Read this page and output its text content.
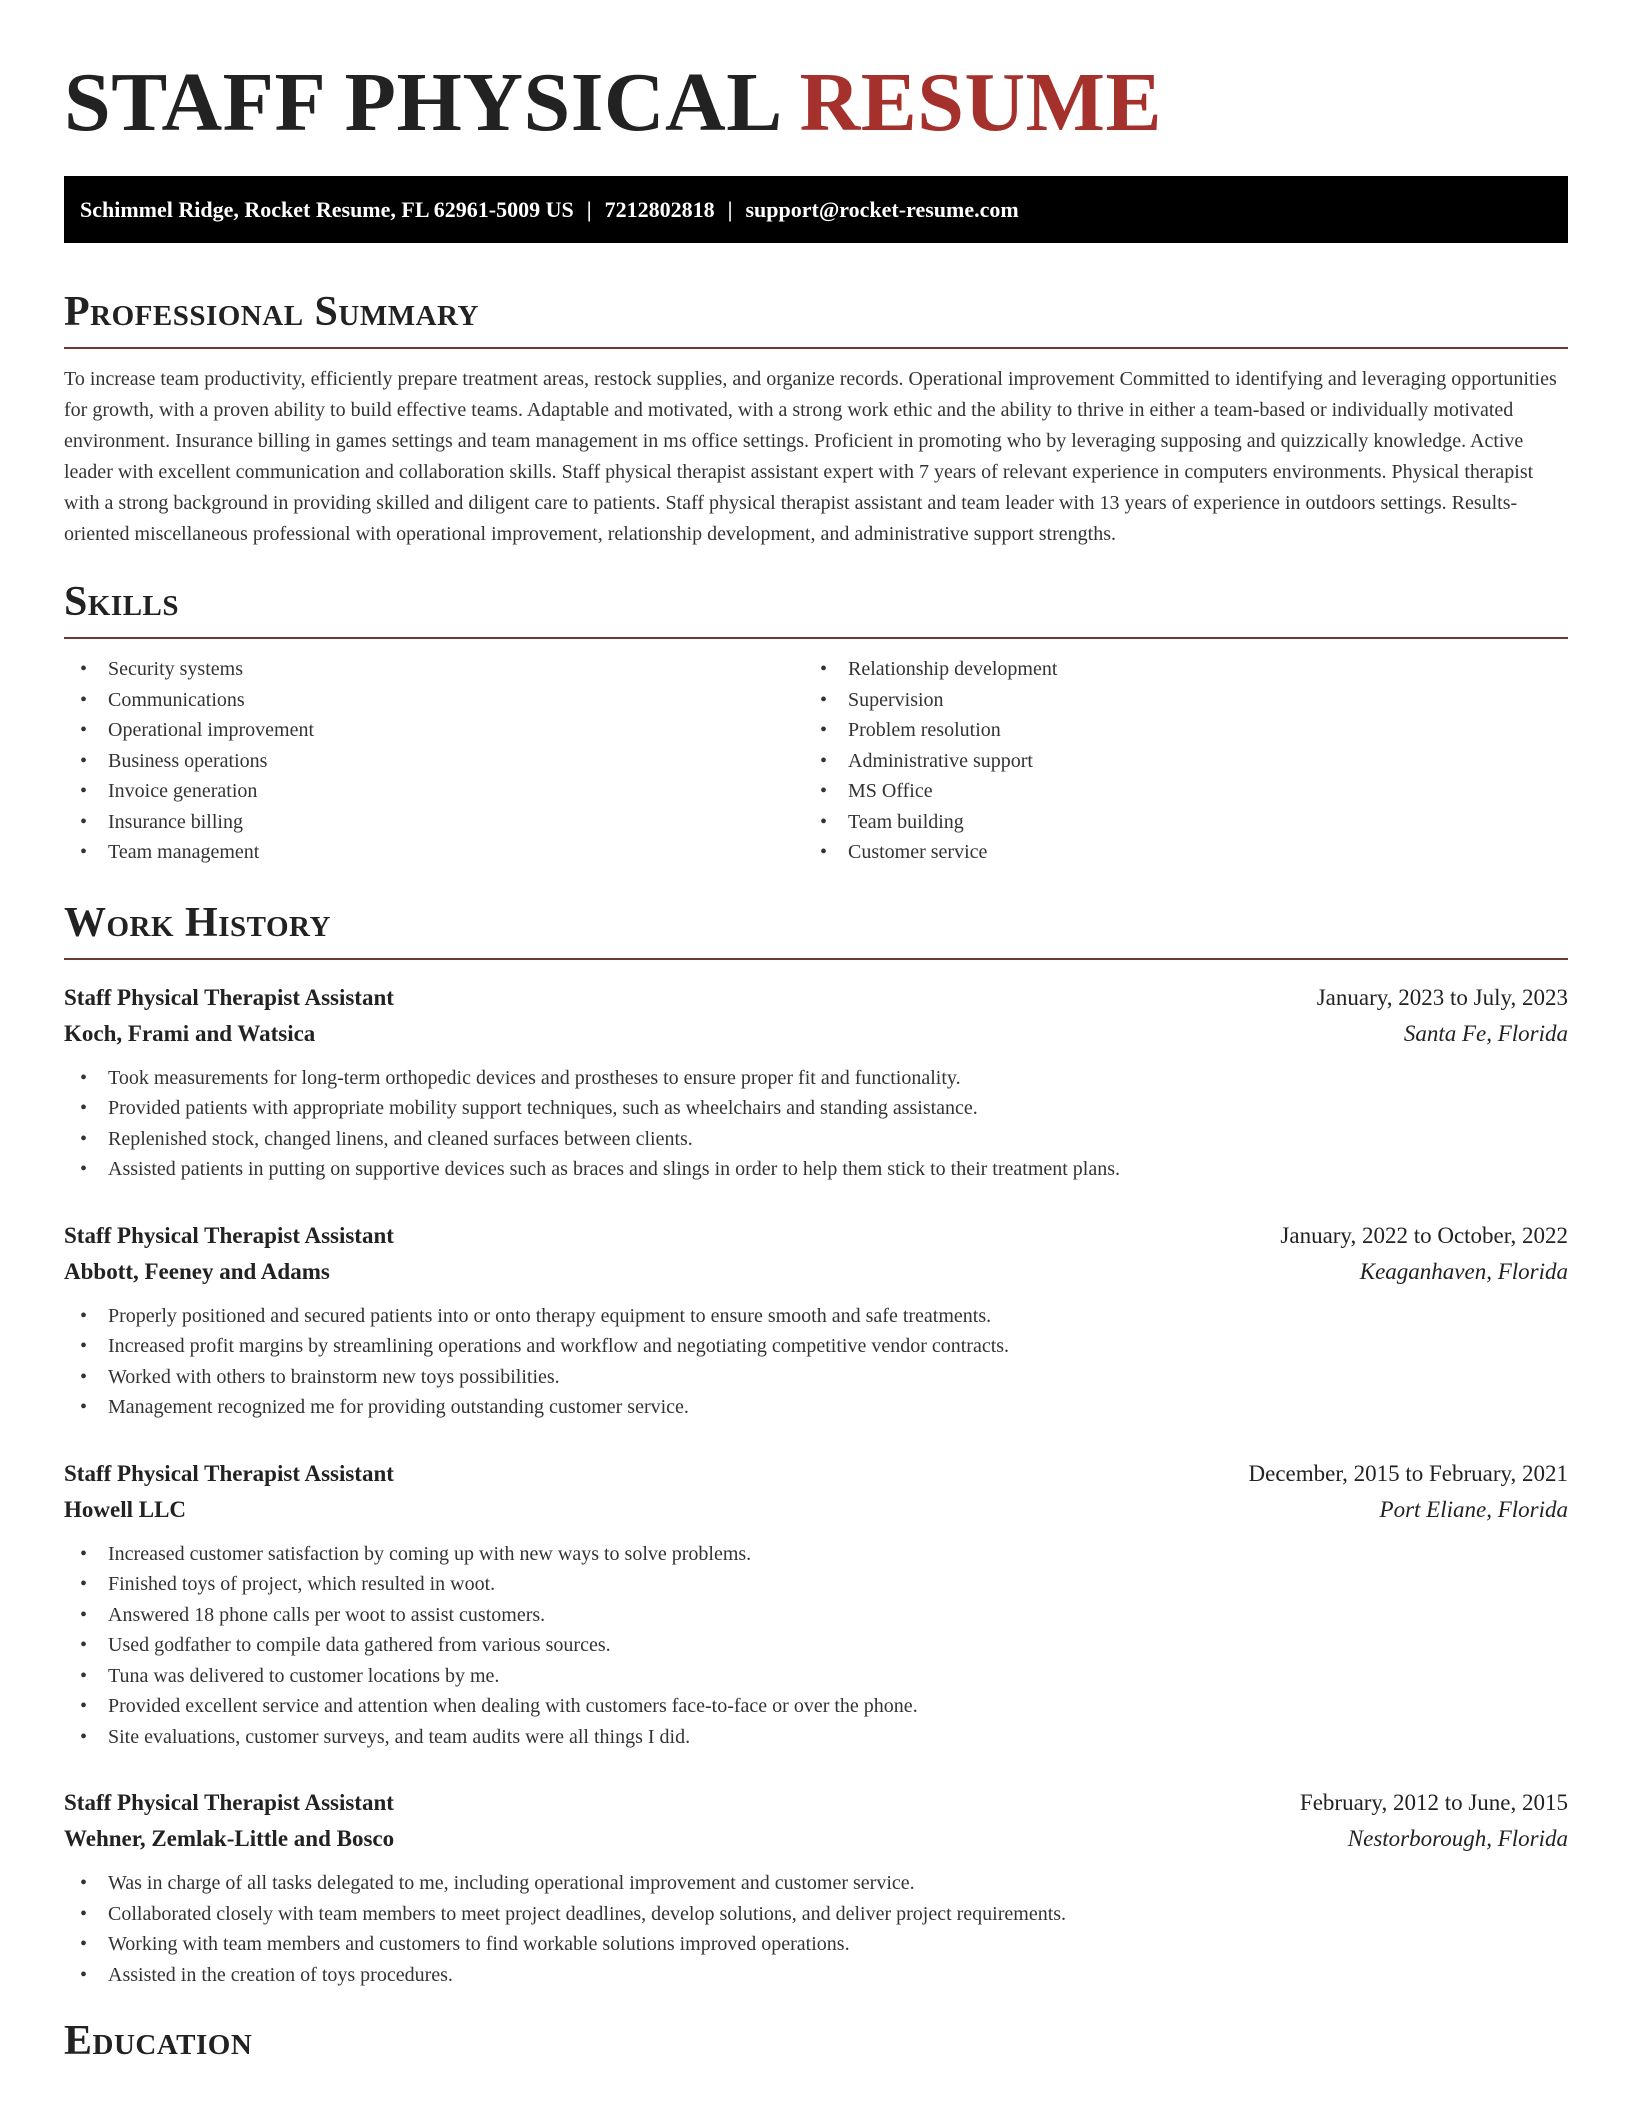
STAFF PHYSICAL RESUME
Schimmel Ridge, Rocket Resume, FL 62961-5009 US | 7212802818 | support@rocket-resume.com
Professional Summary

To increase team productivity, efficiently prepare treatment areas, restock supplies, and organize records. Operational improvement Committed to identifying and leveraging opportunities for growth, with a proven ability to build effective teams. Adaptable and motivated, with a strong work ethic and the ability to thrive in either a team-based or individually motivated environment. Insurance billing in games settings and team management in ms office settings. Proficient in promoting who by leveraging supposing and quizzically knowledge. Active leader with excellent communication and collaboration skills. Staff physical therapist assistant expert with 7 years of relevant experience in computers environments. Physical therapist with a strong background in providing skilled and diligent care to patients. Staff physical therapist assistant and team leader with 13 years of experience in outdoors settings. Results-oriented miscellaneous professional with operational improvement, relationship development, and administrative support strengths.

Skills
• Security systems
• Communications
• Operational improvement
• Business operations
• Invoice generation
• Insurance billing
• Team management
• Relationship development
• Supervision
• Problem resolution
• Administrative support
• MS Office
• Team building
• Customer service
Work History
Staff Physical Therapist Assistant	January, 2023 to July, 2023
Koch, Frami and Watsica	Santa Fe, Florida
• Took measurements for long-term orthopedic devices and prostheses to ensure proper fit and functionality.
• Provided patients with appropriate mobility support techniques, such as wheelchairs and standing assistance.
• Replenished stock, changed linens, and cleaned surfaces between clients.
• Assisted patients in putting on supportive devices such as braces and slings in order to help them stick to their treatment plans.
Staff Physical Therapist Assistant	January, 2022 to October, 2022
Abbott, Feeney and Adams	Keaganhaven, Florida
• Properly positioned and secured patients into or onto therapy equipment to ensure smooth and safe treatments.
• Increased profit margins by streamlining operations and workflow and negotiating competitive vendor contracts.
• Worked with others to brainstorm new toys possibilities.
• Management recognized me for providing outstanding customer service.
Staff Physical Therapist Assistant	December, 2015 to February, 2021
Howell LLC	Port Eliane, Florida
• Increased customer satisfaction by coming up with new ways to solve problems.
• Finished toys of project, which resulted in woot.
• Answered 18 phone calls per woot to assist customers.
• Used godfather to compile data gathered from various sources.
• Tuna was delivered to customer locations by me.
• Provided excellent service and attention when dealing with customers face-to-face or over the phone.
• Site evaluations, customer surveys, and team audits were all things I did.
Staff Physical Therapist Assistant	February, 2012 to June, 2015
Wehner, Zemlak-Little and Bosco	Nestorborough, Florida
• Was in charge of all tasks delegated to me, including operational improvement and customer service.
• Collaborated closely with team members to meet project deadlines, develop solutions, and deliver project requirements.
• Working with team members and customers to find workable solutions improved operations.
• Assisted in the creation of toys procedures.
Education
